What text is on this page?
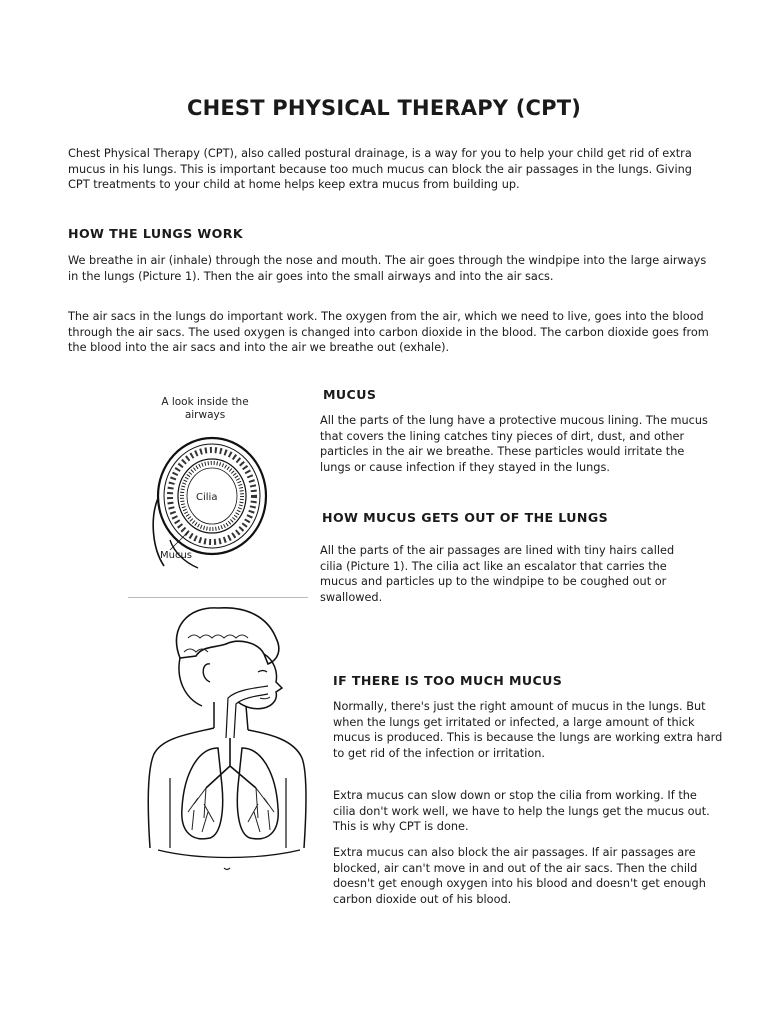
CHEST PHYSICAL THERAPY (CPT)

Chest Physical Therapy (CPT), also called postural drainage, is a way for you to help your child get rid of extra mucus in his lungs. This is important because too much mucus can block the air passages in the lungs. Giving CPT treatments to your child at home helps keep extra mucus from building up.

HOW THE LUNGS WORK

We breathe in air (inhale) through the nose and mouth. The air goes through the windpipe into the large airways in the lungs (Picture 1). Then the air goes into the small airways and into the air sacs.

The air sacs in the lungs do important work. The oxygen from the air, which we need to live, goes into the blood through the air sacs. The used oxygen is changed into carbon dioxide in the blood. The carbon dioxide goes from the blood into the air sacs and into the air we breathe out (exhale).

A look inside the airways
Cilia
Mucus
MUCUS

All the parts of the lung have a protective mucous lining. The mucus that covers the lining catches tiny pieces of dirt, dust, and other particles in the air we breathe. These particles would irritate the lungs or cause infection if they stayed in the lungs.

HOW MUCUS GETS OUT OF THE LUNGS

All the parts of the air passages are lined with tiny hairs called cilia (Picture 1). The cilia act like an escalator that carries the mucus and particles up to the windpipe to be coughed out or swallowed.

IF THERE IS TOO MUCH MUCUS

Normally, there's just the right amount of mucus in the lungs. But when the lungs get irritated or infected, a large amount of thick mucus is produced. This is because the lungs are working extra hard to get rid of the infection or irritation.

Extra mucus can slow down or stop the cilia from working. If the cilia don't work well, we have to help the lungs get the mucus out. This is why CPT is done.

Extra mucus can also block the air passages. If air passages are blocked, air can't move in and out of the air sacs. Then the child doesn't get enough oxygen into his blood and doesn't get enough carbon dioxide out of his blood.
